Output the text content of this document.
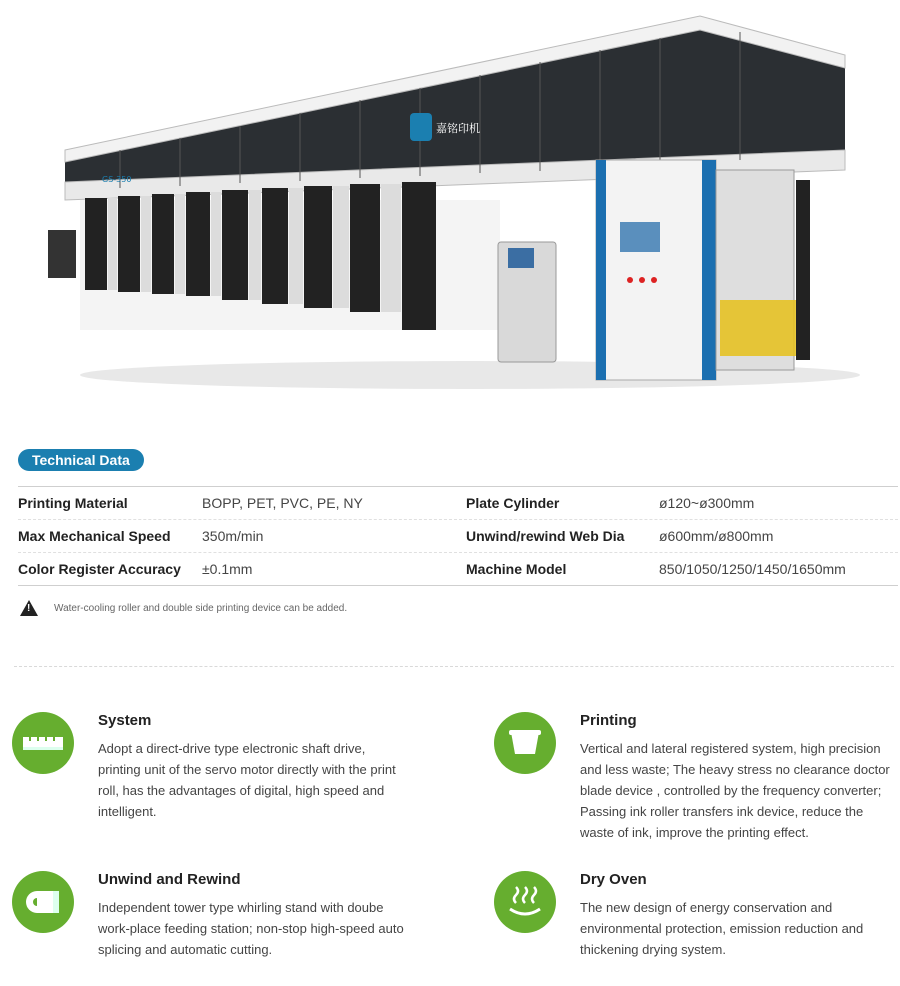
嘉铭印机
GS-350
Technical Data
Printing Material	BOPP, PET, PVC, PE, NY	Plate Cylinder	ø120~ø300mm
Max Mechanical Speed	350m/min	Unwind/rewind Web Dia	ø600mm/ø800mm
Color Register Accuracy	±0.1mm	Machine Model	850/1050/1250/1450/1650mm
! Water-cooling roller and double side printing device can be added.
System

Adopt a direct-drive type electronic shaft drive, printing unit of the servo motor directly with the print roll, has the advantages of digital, high speed and intelligent.

Printing

Vertical and lateral registered system, high precision and less waste; The heavy stress no clearance doctor blade device , controlled by the frequency converter; Passing ink roller transfers ink device, reduce the waste of ink, improve the printing effect.

Unwind and Rewind

Independent tower type whirling stand with doube work-place feeding station; non-stop high-speed auto splicing and automatic cutting.

Dry Oven

The new design of energy conservation and environmental protection, emission reduction and thickening drying system.
